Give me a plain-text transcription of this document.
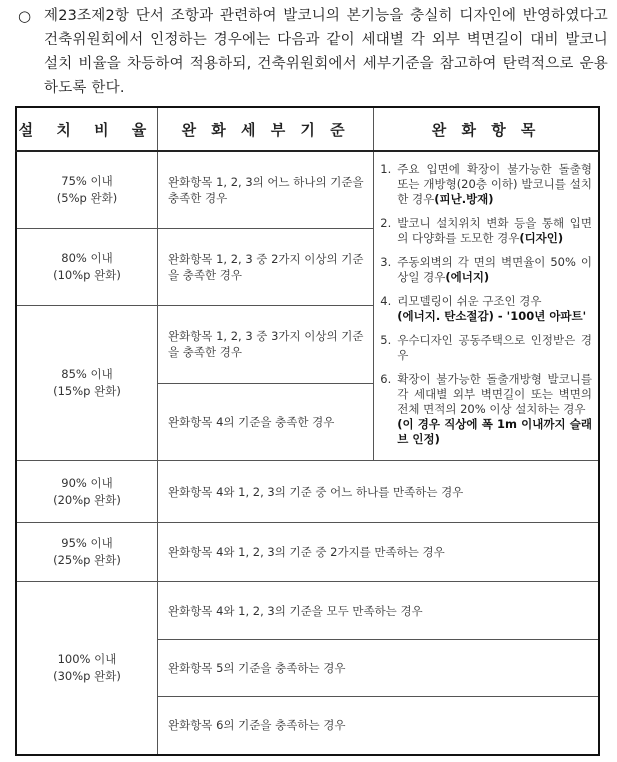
○ 제23조제2항 단서 조항과 관련하여 발코니의 본기능을 충실히 디자인에 반영하였다고 건축위원회에서 인정하는 경우에는 다음과 같이 세대별 각 외부 벽면길이 대비 발코니 설치 비율을 차등하여 적용하되, 건축위원회에서 세부기준을 참고하여 탄력적으로 운용하도록 한다.
설 치 비 율	완 화 세 부 기 준	완 화 항 목

75% 이내
(5%p 완화)
	완화항목 1, 2, 3의 어느 하나의 기준을 충족한 경우	
1. 주요 입면에 확장이 불가능한 돌출형 또는 개방형(20층 이하) 발코니를 설치한 경우(피난.방재)
2. 발코니 설치위치 변화 등을 통해 입면의 다양화를 도모한 경우(디자인)
3. 주동외벽의 각 면의 벽면율이 50% 이상일 경우(에너지)
4. 리모델링이 쉬운 구조인 경우
(에너지. 탄소절감) - '100년 아파트'
5. 우수디자인 공동주택으로 인정받은 경우
6. 확장이 불가능한 돌출개방형 발코니를 각 세대별 외부 벽면길이 또는 벽면의 전체 면적의 20% 이상 설치하는 경우
(이 경우 직상에 폭 1m 이내까지 슬래브 인정)

80% 이내
(10%p 완화)	완화항목 1, 2, 3 중 2가지 이상의 기준을 충족한 경우	

85% 이내
(15%p 완화)	완화항목 1, 2, 3 중 3가지 이상의 기준을 충족한 경우	
	완화항목 4의 기준을 충족한 경우	

90% 이내
(20%p 완화)	완화항목 4와 1, 2, 3의 기준 중 어느 하나를 만족하는 경우	

95% 이내
(25%p 완화)	완화항목 4와 1, 2, 3의 기준 중 2가지를 만족하는 경우	

100% 이내
(30%p 완화)	완화항목 4와 1, 2, 3의 기준을 모두 만족하는 경우	
	완화항목 5의 기준을 충족하는 경우	
	완화항목 6의 기준을 충족하는 경우	
